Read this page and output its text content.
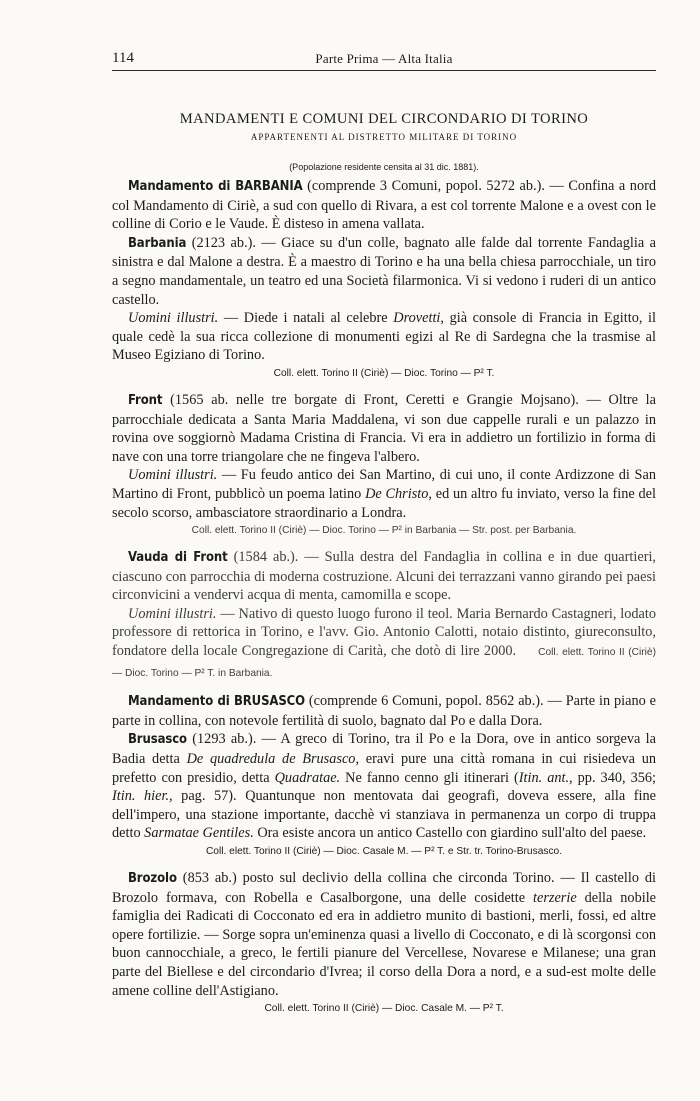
114	Parte Prima — Alta Italia
MANDAMENTI E COMUNI DEL CIRCONDARIO DI TORINO
APPARTENENTI AL DISTRETTO MILITARE DI TORINO
(Popolazione residente censita al 31 dic. 1881).

Mandamento di BARBANIA (comprende 3 Comuni, popol. 5272 ab.). — Confina a nord col Mandamento di Ciriè, a sud con quello di Rivara, a est col torrente Malone e a ovest con le colline di Corio e le Vaude. È disteso in amena vallata.

Barbania (2123 ab.). — Giace su d'un colle, bagnato alle falde dal torrente Fandaglia a sinistra e dal Malone a destra. È a maestro di Torino e ha una bella chiesa parrocchiale, un tiro a segno mandamentale, un teatro ed una Società filarmonica. Vi si vedono i ruderi di un antico castello.

Uomini illustri. — Diede i natali al celebre Drovetti, già console di Francia in Egitto, il quale cedè la sua ricca collezione di monumenti egizi al Re di Sardegna che la trasmise al Museo Egiziano di Torino.

Coll. elett. Torino II (Ciriè) — Dioc. Torino — P² T.

Front (1565 ab. nelle tre borgate di Front, Ceretti e Grangie Mojsano). — Oltre la parrocchiale dedicata a Santa Maria Maddalena, vi son due cappelle rurali e un palazzo in rovina ove soggiornò Madama Cristina di Francia. Vi era in addietro un fortilizio in forma di nave con una torre triangolare che ne fingeva l'albero.

Uomini illustri. — Fu feudo antico dei San Martino, di cui uno, il conte Ardizzone di San Martino di Front, pubblicò un poema latino De Christo, ed un altro fu inviato, verso la fine del secolo scorso, ambasciatore straordinario a Londra.

Coll. elett. Torino II (Ciriè) — Dioc. Torino — P² in Barbania — Str. post. per Barbania.

Vauda di Front (1584 ab.). — Sulla destra del Fandaglia in collina e in due quartieri, ciascuno con parrocchia di moderna costruzione. Alcuni dei terrazzani vanno girando pei paesi circonvicini a vendervi acqua di menta, camomilla e scope.

Uomini illustri. — Nativo di questo luogo furono il teol. Maria Bernardo Castagneri, lodato professore di rettorica in Torino, e l'avv. Gio. Antonio Calotti, notaio distinto, giureconsulto, fondatore della locale Congregazione di Carità, che dotò di lire 2000. Coll. elett. Torino II (Ciriè) — Dioc. Torino — P² T. in Barbania.

Mandamento di BRUSASCO (comprende 6 Comuni, popol. 8562 ab.). — Parte in piano e parte in collina, con notevole fertilità di suolo, bagnato dal Po e dalla Dora.

Brusasco (1293 ab.). — A greco di Torino, tra il Po e la Dora, ove in antico sorgeva la Badia detta De quadredula de Brusasco, eravi pure una città romana in cui risiedeva un prefetto con presidio, detta Quadratae. Ne fanno cenno gli itinerari (Itin. ant., pp. 340, 356; Itin. hier., pag. 57). Quantunque non mentovata dai geografi, doveva essere, alla fine dell'impero, una stazione importante, dacchè vi stanziava in permanenza un corpo di truppa detto Sarmatae Gentiles. Ora esiste ancora un antico Castello con giardino sull'alto del paese.

Coll. elett. Torino II (Ciriè) — Dioc. Casale M. — P² T. e Str. tr. Torino-Brusasco.

Brozolo (853 ab.) posto sul declivio della collina che circonda Torino. — Il castello di Brozolo formava, con Robella e Casalborgone, una delle cosidette terzerie della nobile famiglia dei Radicati di Cocconato ed era in addietro munito di bastioni, merli, fossi, ed altre opere fortilizie. — Sorge sopra un'eminenza quasi a livello di Cocconato, e di là scorgonsi con buon cannocchiale, a greco, le fertili pianure del Vercellese, Novarese e Milanese; una gran parte del Biellese e del circondario d'Ivrea; il corso della Dora a nord, e a sud-est molte delle amene colline dell'Astigiano.

Coll. elett. Torino II (Ciriè) — Dioc. Casale M. — P² T.
